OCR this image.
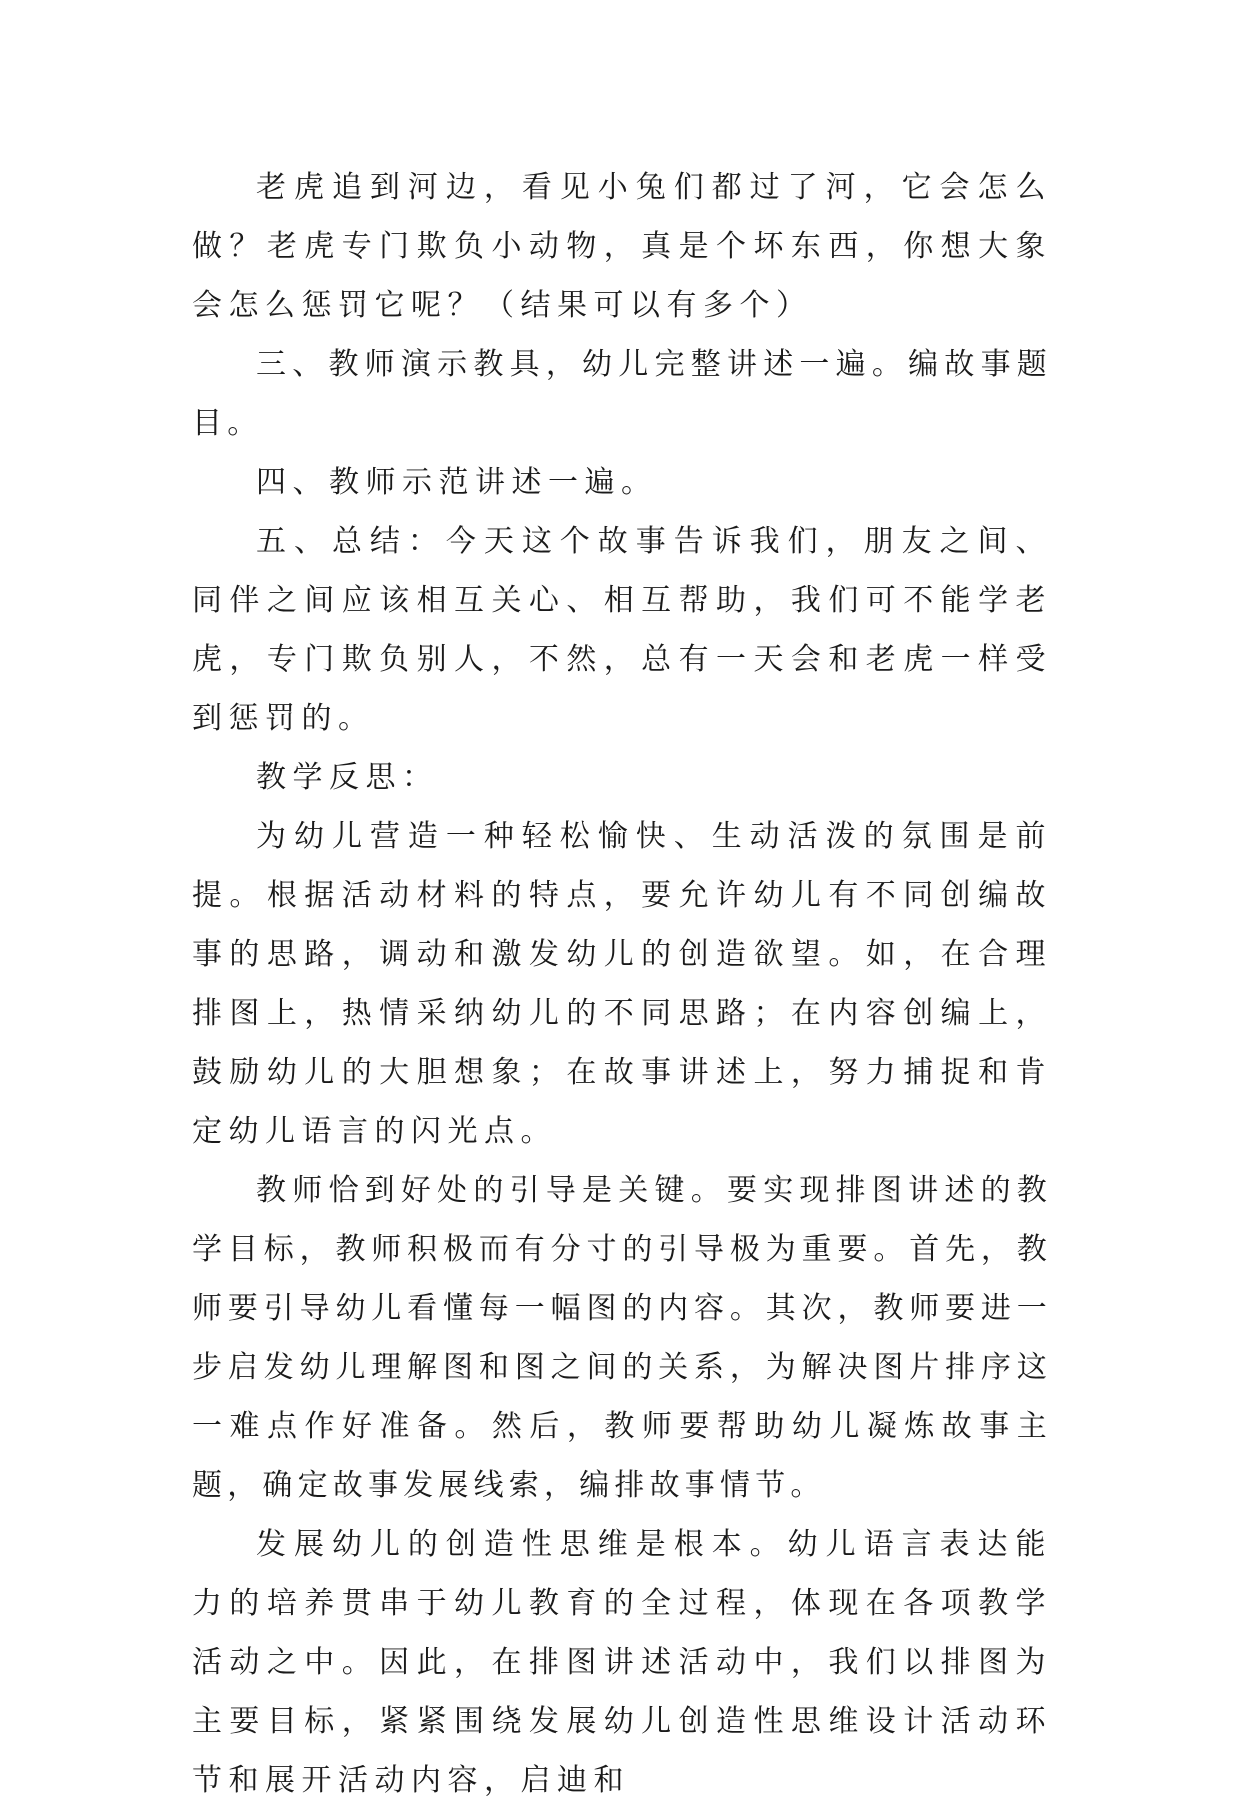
老虎追到河边，看见小兔们都过了河，它会怎么做？老虎专门欺负小动物，真是个坏东西，你想大象会怎么惩罚它呢？（结果可以有多个）

三、教师演示教具，幼儿完整讲述一遍。编故事题目。

四、教师示范讲述一遍。

五、总结：今天这个故事告诉我们，朋友之间、同伴之间应该相互关心、相互帮助，我们可不能学老虎，专门欺负别人，不然，总有一天会和老虎一样受到惩罚的。

教学反思：

为幼儿营造一种轻松愉快、生动活泼的氛围是前提。根据活动材料的特点，要允许幼儿有不同创编故事的思路，调动和激发幼儿的创造欲望。如，在合理排图上，热情采纳幼儿的不同思路；在内容创编上，鼓励幼儿的大胆想象；在故事讲述上，努力捕捉和肯定幼儿语言的闪光点。

教师恰到好处的引导是关键。要实现排图讲述的教学目标，教师积极而有分寸的引导极为重要。首先，教师要引导幼儿看懂每一幅图的内容。其次，教师要进一步启发幼儿理解图和图之间的关系，为解决图片排序这一难点作好准备。然后，教师要帮助幼儿凝炼故事主题，确定故事发展线索，编排故事情节。

发展幼儿的创造性思维是根本。幼儿语言表达能力的培养贯串于幼儿教育的全过程，体现在各项教学活动之中。因此，在排图讲述活动中，我们以排图为主要目标，紧紧围绕发展幼儿创造性思维设计活动环节和展开活动内容，启迪和
